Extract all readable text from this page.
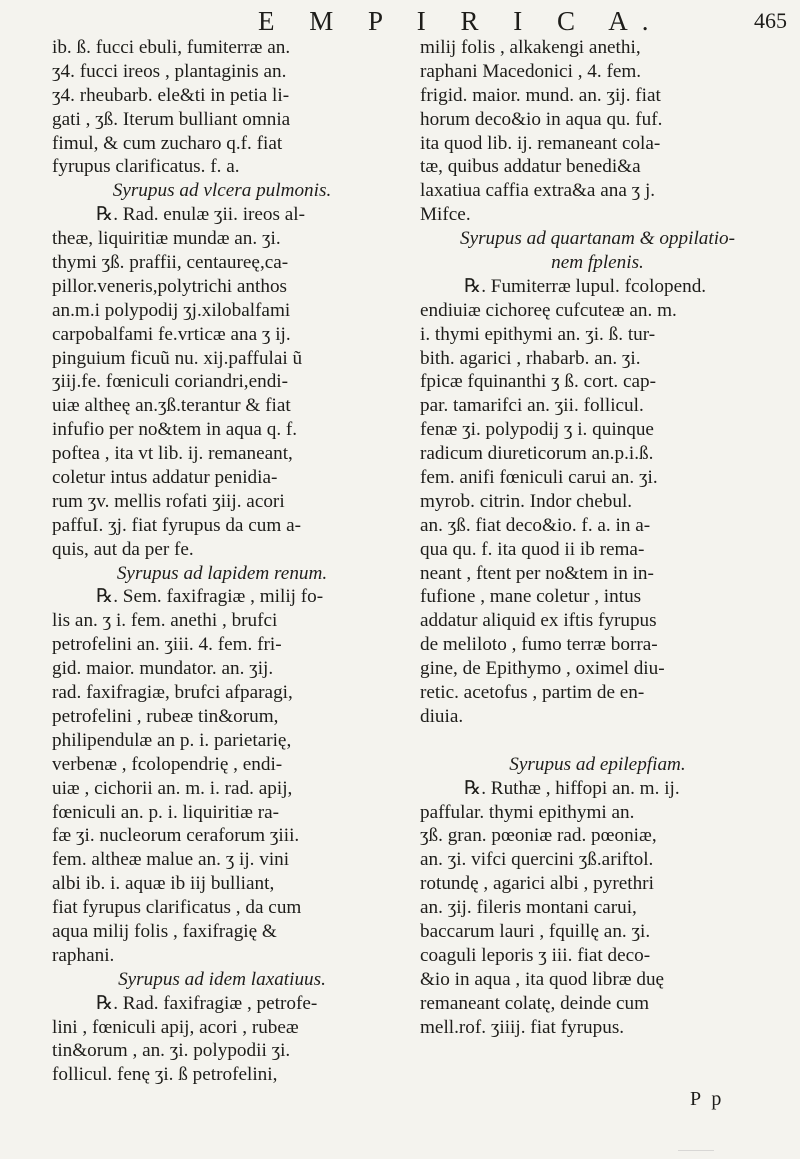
E M P I R I C A.	465
ib. ß. fucci ebuli, fumiterræ an.
ʒ4. fucci ireos , plantaginis an.
ʒ4. rheubarb. ele&ti in petia li-
gati , ʒß. Iterum bulliant omnia
fimul, & cum zucharo q.f. fiat
fyrupus clarificatus. f. a.
Syrupus ad vlcera pulmonis.
℞. Rad. enulæ ʒii. ireos al-
theæ, liquiritiæ mundæ an. ʒi.
thymi ʒß. praffii, centaureę,ca-
pillor.veneris,polytrichi anthos
an.m.i polypodij ʒj.xilobalfami
carpobalfami fe.vrticæ ana ʒ ij.
pinguium ficuũ nu. xij.paffulai ũ
ʒiij.fe. fœniculi coriandri,endi-
uiæ altheę an.ʒß.terantur & fiat
infufio per no&tem in aqua q. f.
poftea , ita vt lib. ij. remaneant,
coletur intus addatur penidia-
rum ʒv. mellis rofati ʒiij. acori
paffuI. ʒj. fiat fyrupus da cum a-
quis, aut da per fe.
Syrupus ad lapidem renum.
℞. Sem. faxifragiæ , milij fo-
lis an. ʒ i. fem. anethi , brufci
petrofelini an. ʒiii. 4. fem. fri-
gid. maior. mundator. an. ʒij.
rad. faxifragiæ, brufci afparagi,
petrofelini , rubeæ tin&orum,
philipendulæ an p. i. parietarię,
verbenæ , fcolopendrię , endi-
uiæ , cichorii an. m. i. rad. apij,
fœniculi an. p. i. liquiritiæ ra-
fæ ʒi. nucleorum ceraforum ʒiii.
fem. altheæ malue an. ʒ ij. vini
albi ib. i. aquæ ib iij bulliant,
fiat fyrupus clarificatus , da cum
aqua milij folis , faxifragię &
raphani.
Syrupus ad idem laxatiuus.
℞. Rad. faxifragiæ , petrofe-
lini , fœniculi apij, acori , rubeæ
tin&orum , an. ʒi. polypodii ʒi.
follicul. fenę ʒi. ß petrofelini,
milij folis , alkakengi anethi,
raphani Macedonici , 4. fem.
frigid. maior. mund. an. ʒij. fiat
horum deco&io in aqua qu. fuf.
ita quod lib. ij. remaneant cola-
tæ, quibus addatur benedi&a
laxatiua caffia extra&a ana ʒ j.
Mifce.
Syrupus ad quartanam & oppilatio-
nem fplenis.
℞. Fumiterræ lupul. fcolopend.
endiuiæ cichoreę cufcuteæ an. m.
i. thymi epithymi an. ʒi. ß. tur-
bith. agarici , rhabarb. an. ʒi.
fpicæ fquinanthi ʒ ß. cort. cap-
par. tamarifci an. ʒii. follicul.
fenæ ʒi. polypodij ʒ i. quinque
radicum diureticorum an.p.i.ß.
fem. anifi fœniculi carui an. ʒi.
myrob. citrin. Indor chebul.
an. ʒß. fiat deco&io. f. a. in a-
qua qu. f. ita quod ii ib rema-
neant , ftent per no&tem in in-
fufione , mane coletur , intus
addatur aliquid ex iftis fyrupus
de meliloto , fumo terræ borra-
gine, de Epithymo , oximel diu-
retic. acetofus , partim de en-
diuia.
Syrupus ad epilepfiam.
℞. Ruthæ , hiffopi an. m. ij.
paffular. thymi epithymi an.
ʒß. gran. pœoniæ rad. pœoniæ,
an. ʒi. vifci quercini ʒß.ariftol.
rotundę , agarici albi , pyrethri
an. ʒij. fileris montani carui,
baccarum lauri , fquillę an. ʒi.
coaguli leporis ʒ iii. fiat deco-
&io in aqua , ita quod libræ duę
remaneant colatę, deinde cum
mell.rof. ʒiiij. fiat fyrupus.
P p
